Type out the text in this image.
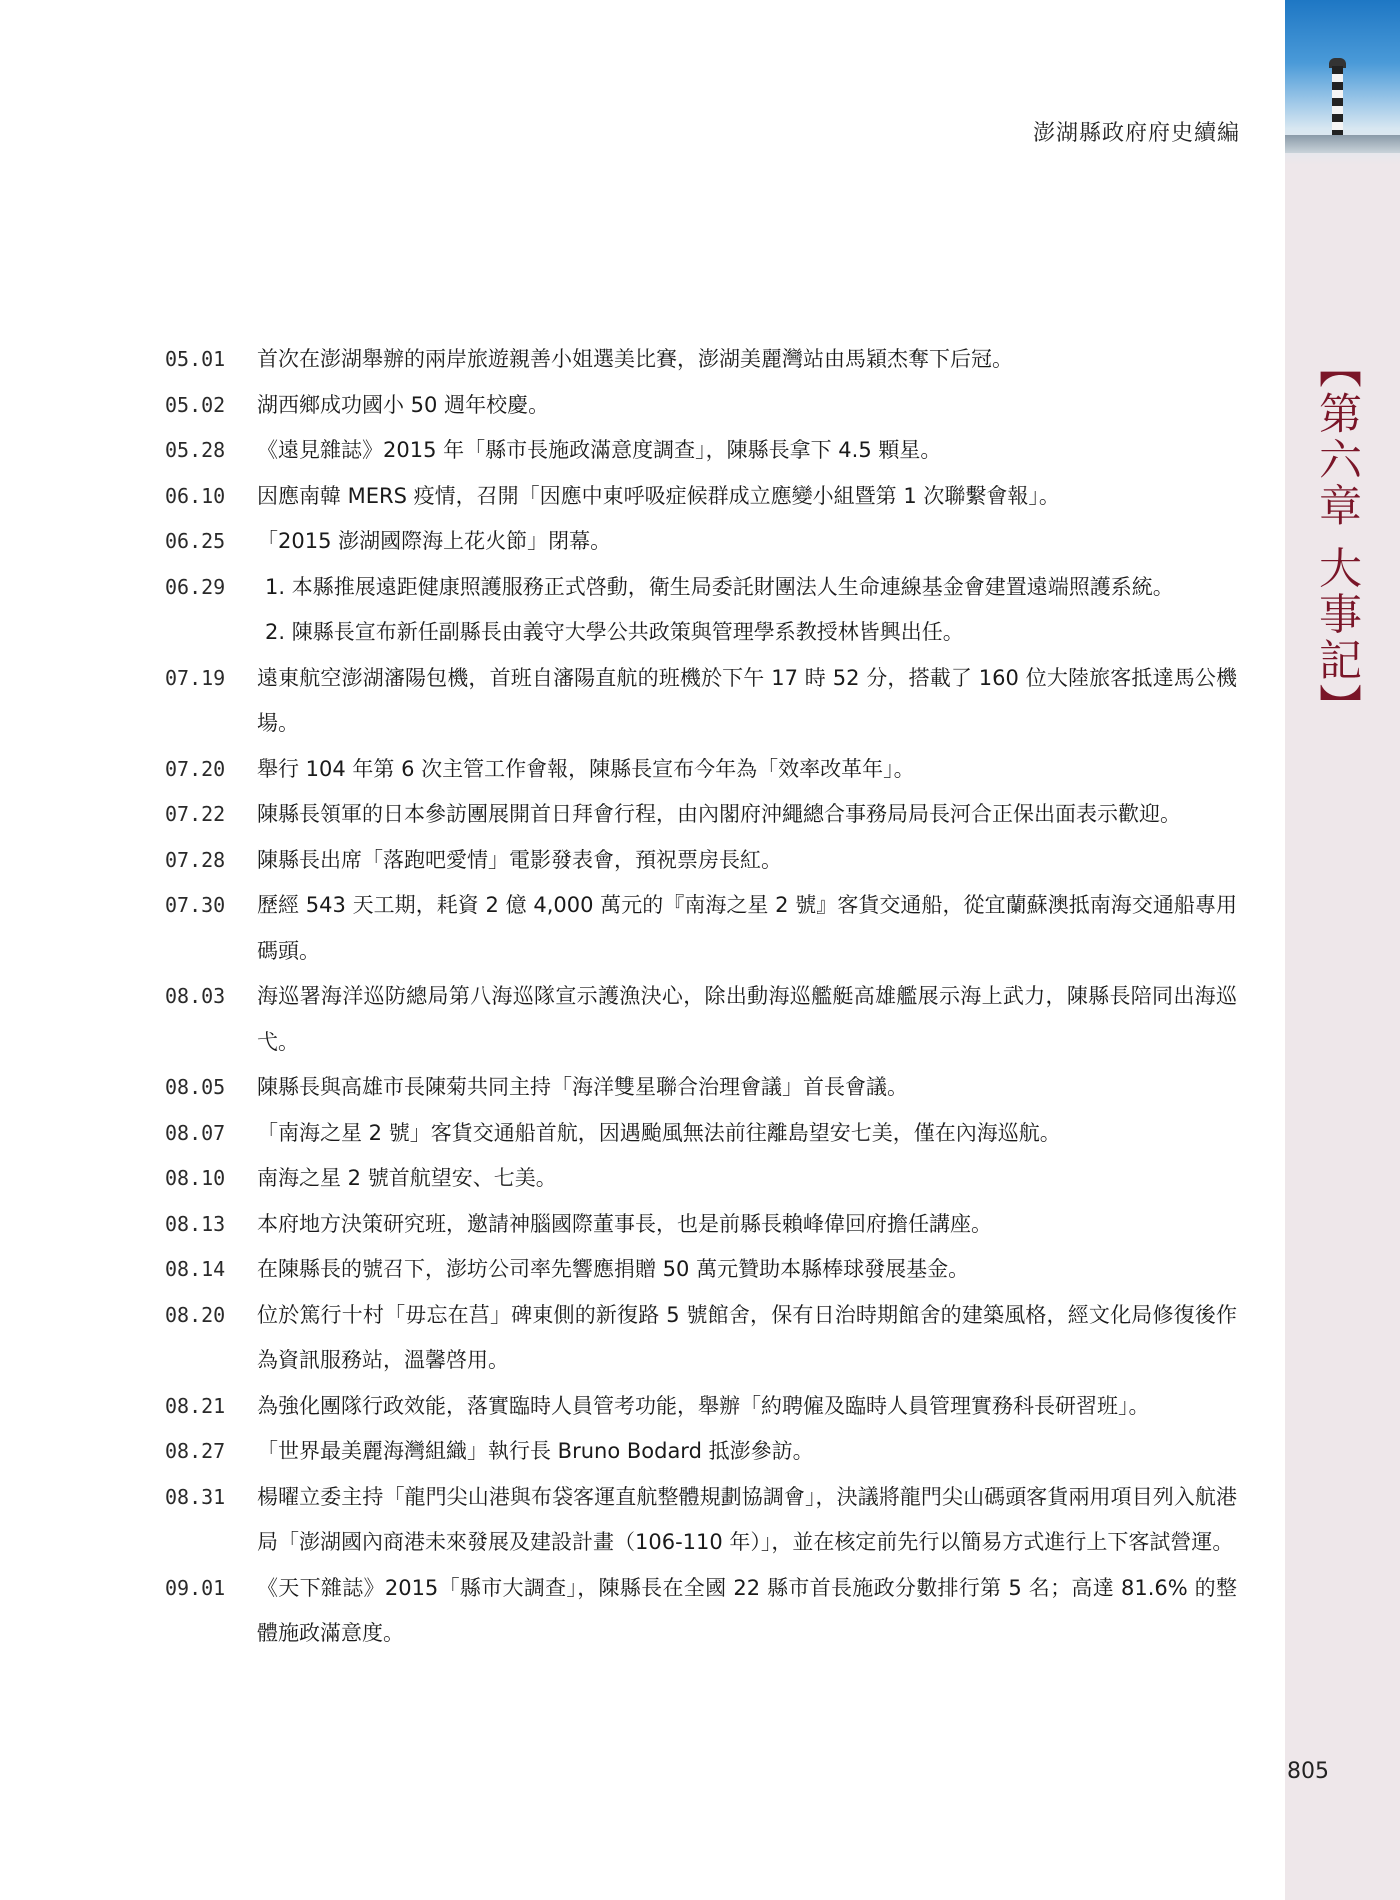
【第六章 大事記】
澎湖縣政府府史續編
05.01	首次在澎湖舉辦的兩岸旅遊親善小姐選美比賽，澎湖美麗灣站由馬穎杰奪下后冠。
05.02	湖西鄉成功國小 50 週年校慶。
05.28	《遠見雜誌》2015 年「縣市長施政滿意度調查」，陳縣長拿下 4.5 顆星。
06.10	因應南韓 MERS 疫情，召開「因應中東呼吸症候群成立應變小組暨第 1 次聯繫會報」。
06.25	「2015 澎湖國際海上花火節」閉幕。
06.29	1. 本縣推展遠距健康照護服務正式啓動，衛生局委託財團法人生命連線基金會建置遠端照護系統。
2. 陳縣長宣布新任副縣長由義守大學公共政策與管理學系教授林皆興出任。
07.19	遠東航空澎湖瀋陽包機，首班自瀋陽直航的班機於下午 17 時 52 分，搭載了 160 位大陸旅客抵達馬公機場。
07.20	舉行 104 年第 6 次主管工作會報，陳縣長宣布今年為「效率改革年」。
07.22	陳縣長領軍的日本參訪團展開首日拜會行程，由內閣府沖繩總合事務局局長河合正保出面表示歡迎。
07.28	陳縣長出席「落跑吧愛情」電影發表會，預祝票房長紅。
07.30	歷經 543 天工期，耗資 2 億 4,000 萬元的『南海之星 2 號』客貨交通船，從宜蘭蘇澳抵南海交通船專用碼頭。
08.03	海巡署海洋巡防總局第八海巡隊宣示護漁決心，除出動海巡艦艇高雄艦展示海上武力，陳縣長陪同出海巡弋。
08.05	陳縣長與高雄市長陳菊共同主持「海洋雙星聯合治理會議」首長會議。
08.07	「南海之星 2 號」客貨交通船首航，因遇颱風無法前往離島望安七美，僅在內海巡航。
08.10	南海之星 2 號首航望安、七美。
08.13	本府地方決策研究班，邀請神腦國際董事長，也是前縣長賴峰偉回府擔任講座。
08.14	在陳縣長的號召下，澎坊公司率先響應捐贈 50 萬元贊助本縣棒球發展基金。
08.20	位於篤行十村「毋忘在莒」碑東側的新復路 5 號館舍，保有日治時期館舍的建築風格，經文化局修復後作為資訊服務站，溫馨啓用。
08.21	為強化團隊行政效能，落實臨時人員管考功能，舉辦「約聘僱及臨時人員管理實務科長研習班」。
08.27	「世界最美麗海灣組織」執行長 Bruno Bodard 抵澎參訪。
08.31	楊曜立委主持「龍門尖山港與布袋客運直航整體規劃協調會」，決議將龍門尖山碼頭客貨兩用項目列入航港局「澎湖國內商港未來發展及建設計畫（106-110 年）」，並在核定前先行以簡易方式進行上下客試營運。
09.01	《天下雜誌》2015「縣市大調查」，陳縣長在全國 22 縣市首長施政分數排行第 5 名；高達 81.6% 的整體施政滿意度。
805
